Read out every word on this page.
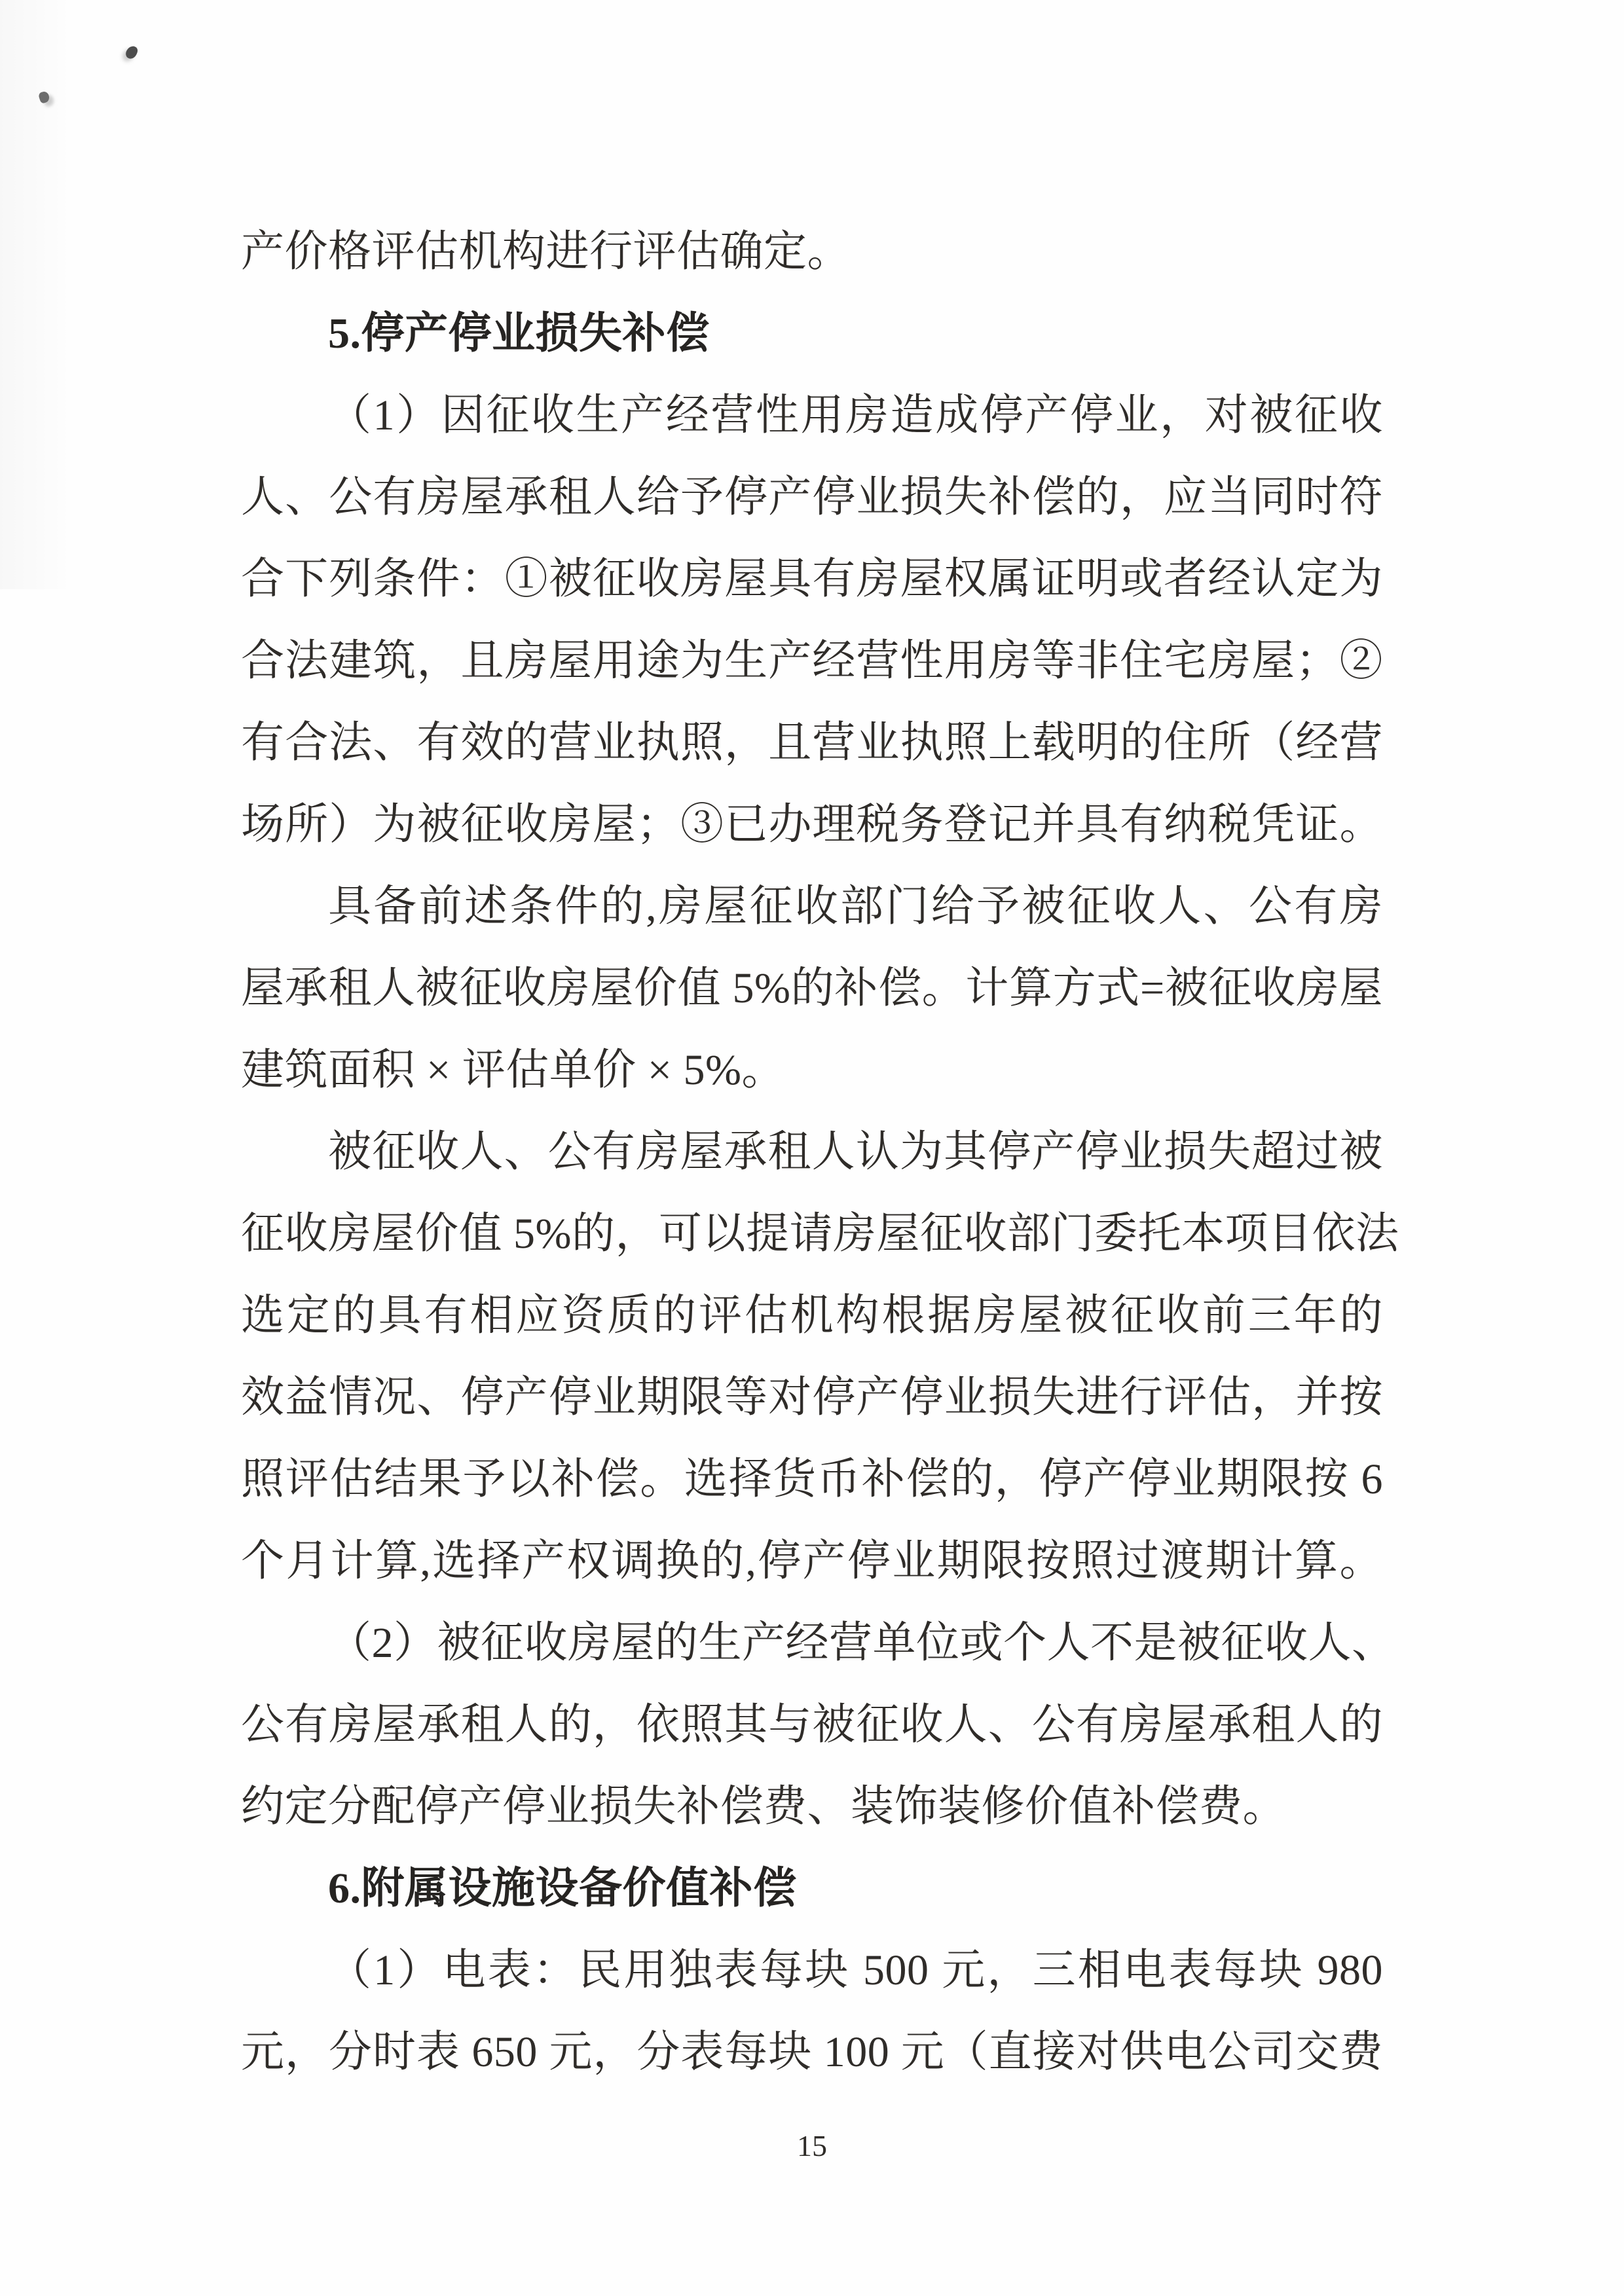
产价格评估机构进行评估确定。
5.停产停业损失补偿
（1）因征收生产经营性用房造成停产停业，对被征收
人、公有房屋承租人给予停产停业损失补偿的，应当同时符
合下列条件：①被征收房屋具有房屋权属证明或者经认定为
合法建筑，且房屋用途为生产经营性用房等非住宅房屋；②
有合法、有效的营业执照，且营业执照上载明的住所（经营
场所）为被征收房屋；③已办理税务登记并具有纳税凭证。
具备前述条件的,房屋征收部门给予被征收人、公有房
屋承租人被征收房屋价值 5%的补偿。计算方式=被征收房屋
建筑面积 × 评估单价 × 5%。
被征收人、公有房屋承租人认为其停产停业损失超过被
征收房屋价值 5%的，可以提请房屋征收部门委托本项目依法
选定的具有相应资质的评估机构根据房屋被征收前三年的
效益情况、停产停业期限等对停产停业损失进行评估，并按
照评估结果予以补偿。选择货币补偿的，停产停业期限按 6
个月计算,选择产权调换的,停产停业期限按照过渡期计算。
（2）被征收房屋的生产经营单位或个人不是被征收人、
公有房屋承租人的，依照其与被征收人、公有房屋承租人的
约定分配停产停业损失补偿费、装饰装修价值补偿费。
6.附属设施设备价值补偿
（1）电表：民用独表每块 500 元，三相电表每块 980
元，分时表 650 元，分表每块 100 元（直接对供电公司交费
15
